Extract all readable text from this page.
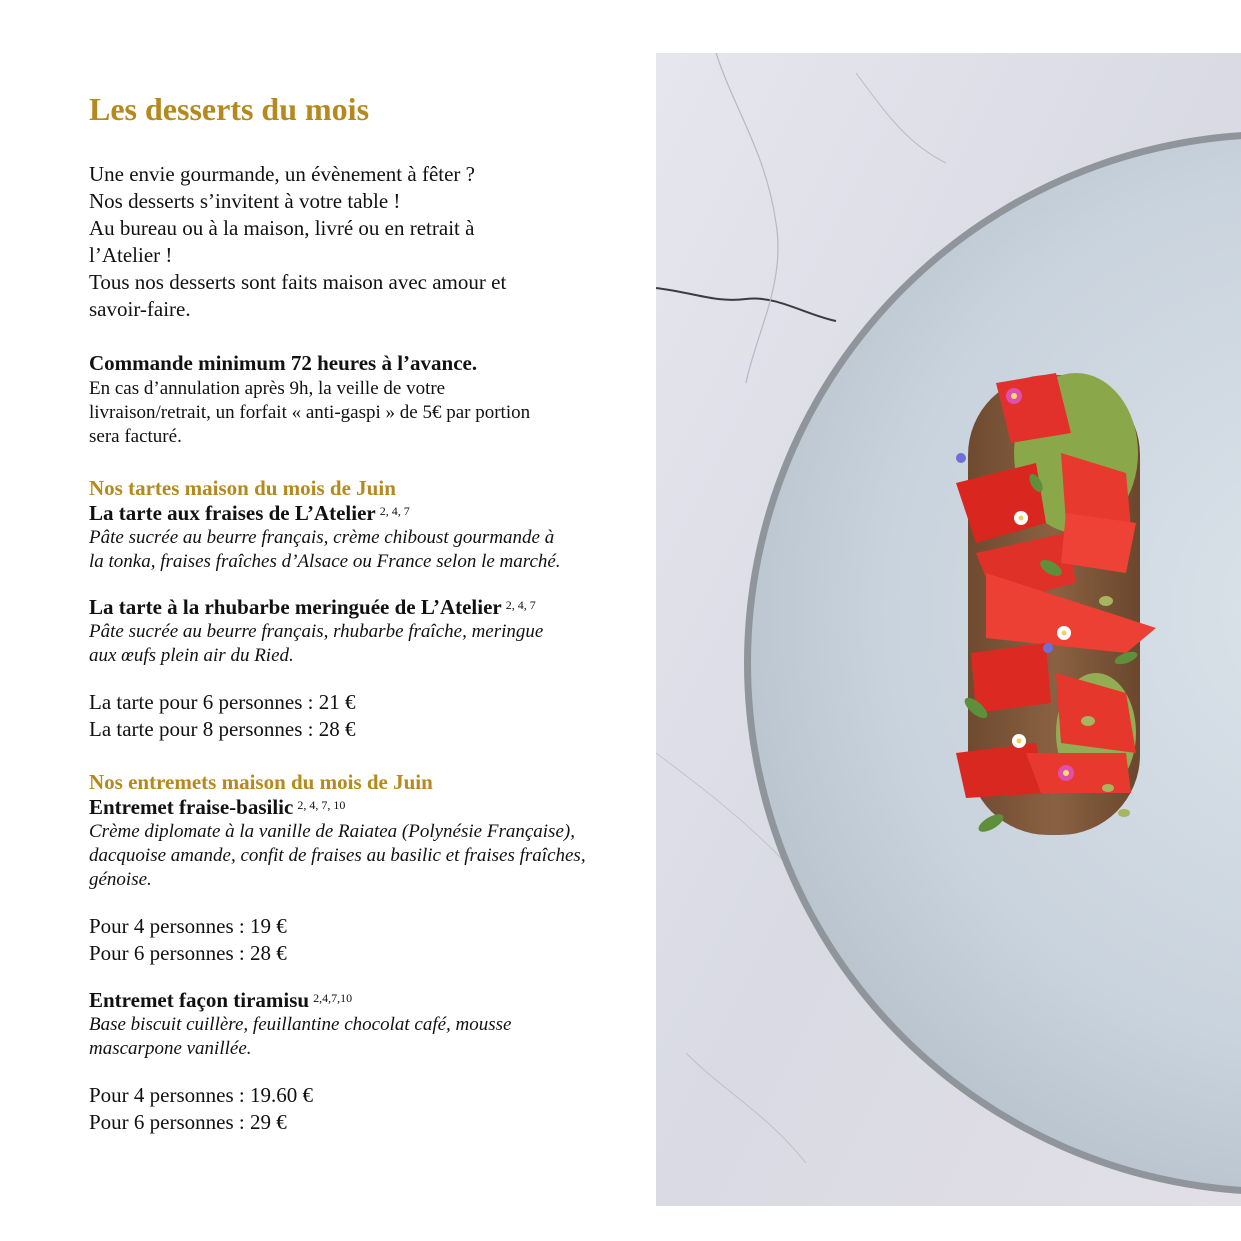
Les desserts du mois

Une envie gourmande, un évènement à fêter ?

Nos desserts s’invitent à votre table !

Au bureau ou à la maison, livré ou en retrait à

l’Atelier !

Tous nos desserts sont faits maison avec amour et

savoir-faire.

Commande minimum 72 heures à l’avance.

En cas d’annulation après 9h, la veille de votre

livraison/retrait, un forfait « anti-gaspi » de 5€ par portion

sera facturé.

Nos tartes maison du mois de Juin

La tarte aux fraises de L’Atelier $^{2, 4, 7}$

Pâte sucrée au beurre français, crème chiboust gourmande à

la tonka, fraises fraîches d’Alsace ou France selon le marché.

La tarte à la rhubarbe meringuée de L’Atelier $^{2, 4, 7}$

Pâte sucrée au beurre français, rhubarbe fraîche, meringue

aux œufs plein air du Ried.

La tarte pour 6 personnes : 21 €

La tarte pour 8 personnes : 28 €

Nos entremets maison du mois de Juin

Entremet fraise-basilic $^{2, 4, 7, 10}$

Crème diplomate à la vanille de Raiatea (Polynésie Française),

dacquoise amande, confit de fraises au basilic et fraises fraîches,

génoise.

Pour 4 personnes : 19 €

Pour 6 personnes : 28 €

Entremet façon tiramisu $^{2,4,7,10}$

Base biscuit cuillère, feuillantine chocolat café, mousse

mascarpone vanillée.

Pour 4 personnes : 19.60 €

Pour 6 personnes : 29 €
